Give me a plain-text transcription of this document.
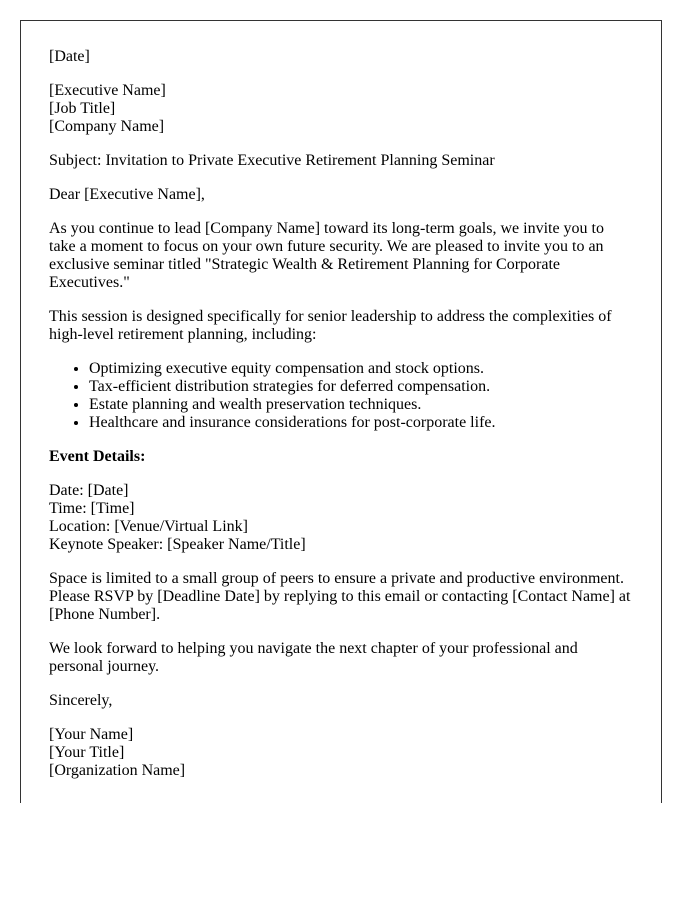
[Date]

[Executive Name]
[Job Title]
[Company Name]

Subject: Invitation to Private Executive Retirement Planning Seminar

Dear [Executive Name],

As you continue to lead [Company Name] toward its long-term goals, we invite you to take a moment to focus on your own future security. We are pleased to invite you to an exclusive seminar titled "Strategic Wealth & Retirement Planning for Corporate Executives."

This session is designed specifically for senior leadership to address the complexities of high-level retirement planning, including:

• Optimizing executive equity compensation and stock options.
• Tax-efficient distribution strategies for deferred compensation.
• Estate planning and wealth preservation techniques.
• Healthcare and insurance considerations for post-corporate life.
Event Details:

Date: [Date]
Time: [Time]
Location: [Venue/Virtual Link]
Keynote Speaker: [Speaker Name/Title]

Space is limited to a small group of peers to ensure a private and productive environment. Please RSVP by [Deadline Date] by replying to this email or contacting [Contact Name] at [Phone Number].

We look forward to helping you navigate the next chapter of your professional and personal journey.

Sincerely,

[Your Name]
[Your Title]
[Organization Name]
